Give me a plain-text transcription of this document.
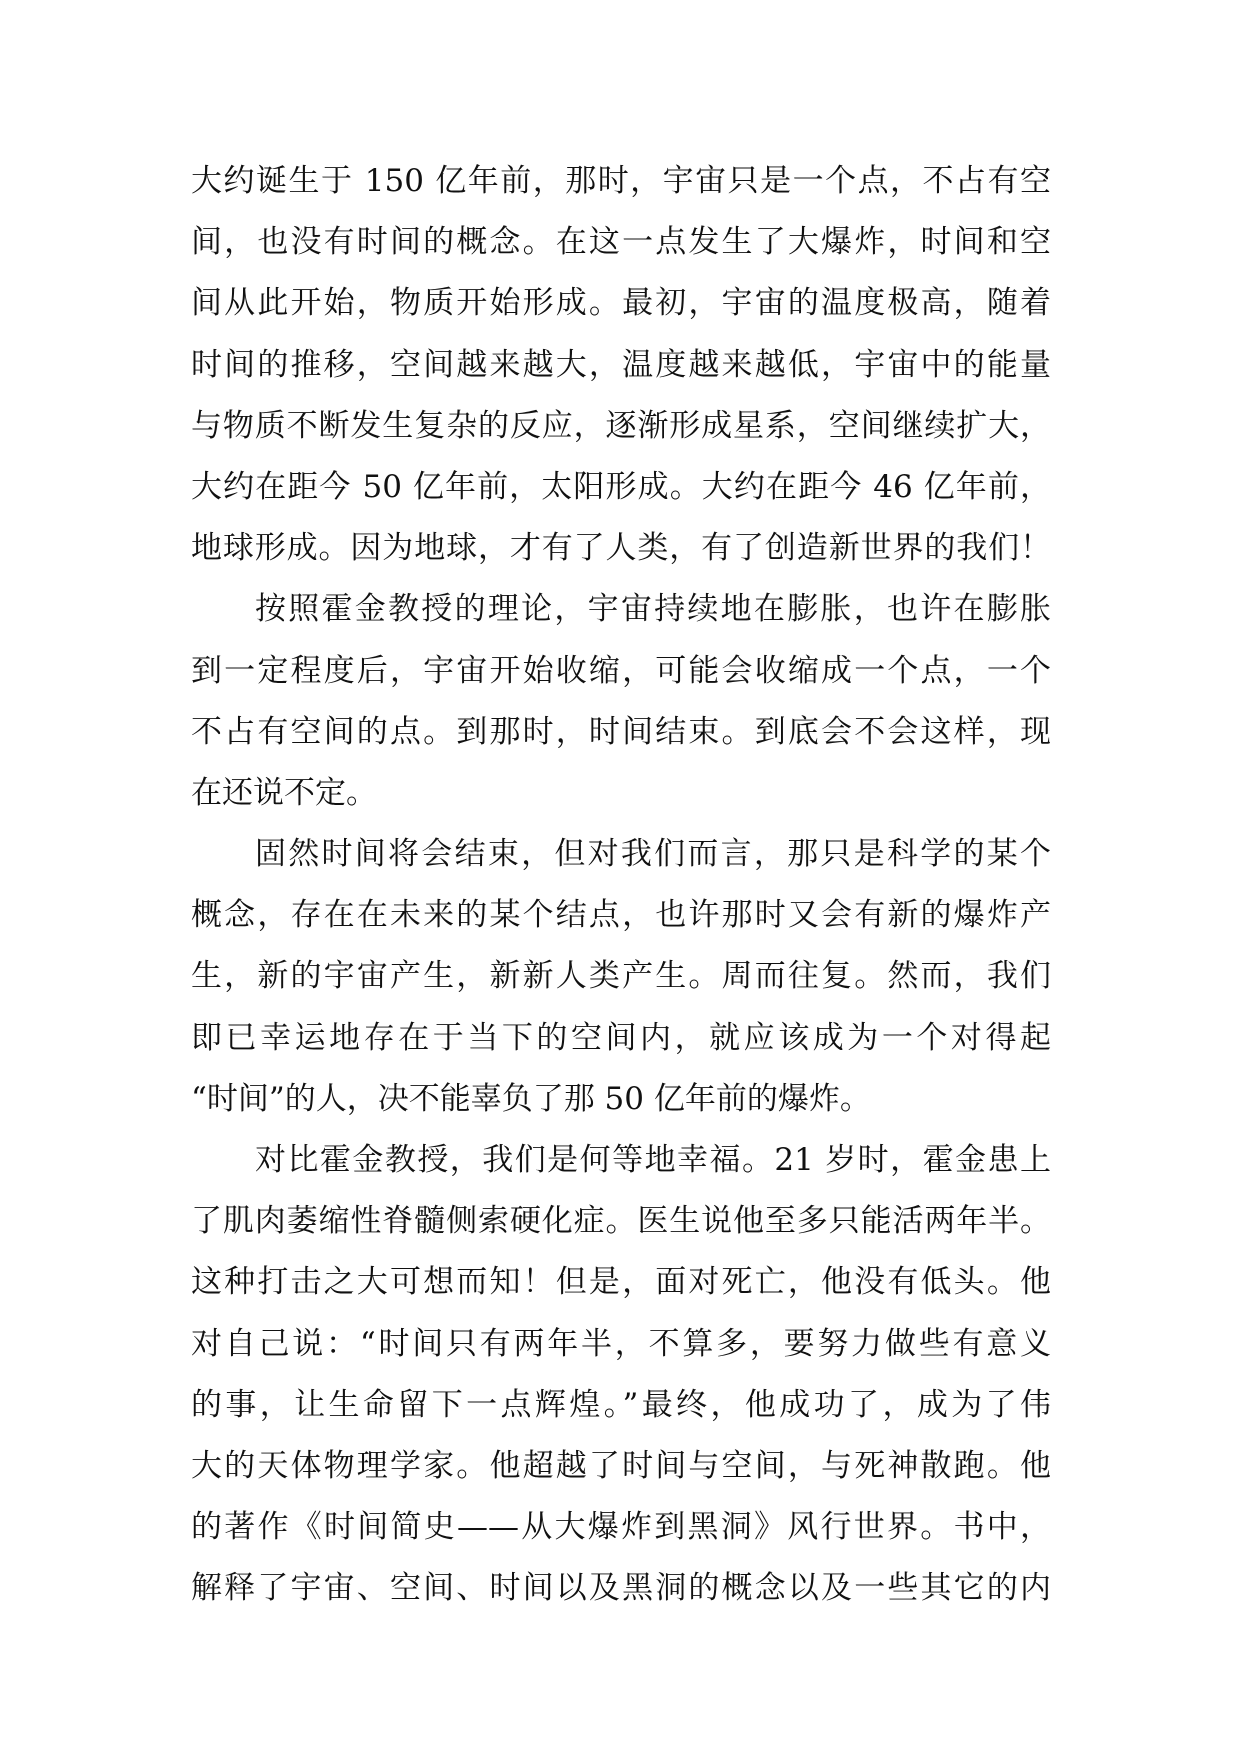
大约诞生于 150 亿年前，那时，宇宙只是一个点，不占有空
间，也没有时间的概念。在这一点发生了大爆炸，时间和空
间从此开始，物质开始形成。最初，宇宙的温度极高，随着
时间的推移，空间越来越大，温度越来越低，宇宙中的能量
与物质不断发生复杂的反应，逐渐形成星系，空间继续扩大，
大约在距今 50 亿年前，太阳形成。大约在距今 46 亿年前，
地球形成。因为地球，才有了人类，有了创造新世界的我们！
按照霍金教授的理论，宇宙持续地在膨胀，也许在膨胀
到一定程度后，宇宙开始收缩，可能会收缩成一个点，一个
不占有空间的点。到那时，时间结束。到底会不会这样，现
在还说不定。
固然时间将会结束，但对我们而言，那只是科学的某个
概念，存在在未来的某个结点，也许那时又会有新的爆炸产
生，新的宇宙产生，新新人类产生。周而往复。然而，我们
即已幸运地存在于当下的空间内，就应该成为一个对得起
“时间”的人，决不能辜负了那 50 亿年前的爆炸。
对比霍金教授，我们是何等地幸福。21 岁时，霍金患上
了肌肉萎缩性脊髓侧索硬化症。医生说他至多只能活两年半。
这种打击之大可想而知！但是，面对死亡，他没有低头。他
对自己说：“时间只有两年半，不算多，要努力做些有意义
的事，让生命留下一点辉煌。”最终，他成功了，成为了伟
大的天体物理学家。他超越了时间与空间，与死神散跑。他
的著作《时间简史——从大爆炸到黑洞》风行世界。书中，
解释了宇宙、空间、时间以及黑洞的概念以及一些其它的内
